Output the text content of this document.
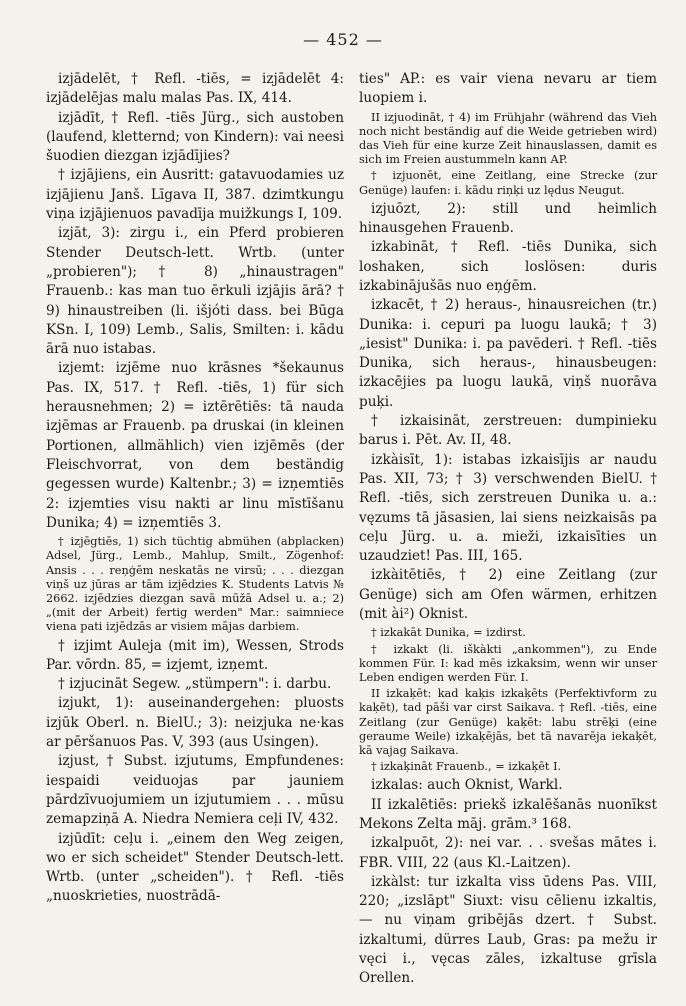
— 452 —

izjādelēt, † Refl. -tiēs, = izjādelēt 4: izjādelējas malu malas Pas. IX, 414.

izjādīt, † Refl. -tiēs Jürg., sich austoben (laufend, kletternd; von Kindern): vai neesi šuodien diezgan izjādījies?

† izjājiens, ein Ausritt: gatavuodamies uz izjājienu Janš. Līgava II, 387. dzimtkungu viņa izjājienuos pavadīja muižkungs I, 109.

izjāt, 3): zirgu i., ein Pferd probieren Stender Deutsch-lett. Wrtb. (unter „probieren"); † 8) „hinaustragen" Frauenb.: kas man tuo ērkuli izjājis ārā? † 9) hinaustreiben (li. išjóti dass. bei Būga KSn. I, 109) Lemb., Salis, Smilten: i. kādu ārā nuo istabas.

izjemt: izjēme nuo krāsnes *šekaunus Pas. IX, 517. † Refl. -tiēs, 1) für sich herausnehmen; 2) = iztērētiēs: tā nauda izjēmas ar Frauenb. pa druskai (in kleinen Portionen, allmählich) vien izjēmēs (der Fleischvorrat, von dem beständig gegessen wurde) Kaltenbr.; 3) = izņemtiēs 2: izjemties visu nakti ar linu mīstīšanu Dunika; 4) = izņemtiēs 3.

† izjēgtiēs, 1) sich tüchtig abmühen (abplacken) Adsel, Jürg., Lemb., Mahlup, Smilt., Zögenhof: Ansis . . . reņģēm neskatās ne virsū; . . . diezgan viņš uz jūras ar tām izjēdzies K. Students Latvis № 2662. izjēdzies diezgan savā mūžā Adsel u. a.; 2) „(mit der Arbeit) fertig werden" Mar.: saimniece viena pati izjēdzās ar visiem mājas darbiem.

† izjimt Auleja (mit im), Wessen, Strods Par. vōrdn. 85, = izjemt, izņemt.

† izjucināt Segew. „stümpern": i. darbu.

izjukt, 1): auseinandergehen: pluosts izjūk Oberl. n. BielU.; 3): neizjuka ne·kas ar pēršanuos Pas. V, 393 (aus Usingen).

izjust, † Subst. izjutums, Empfundenes: iespaidi veiduojas par jauniem pārdzīvuojumiem un izjutumiem . . . mūsu zemapziņā A. Niedra Nemiera ceļi IV, 432.

izjūdīt: ceļu i. „einem den Weg zeigen, wo er sich scheidet" Stender Deutsch-lett. Wrtb. (unter „scheiden"). † Refl. -tiēs „nuoskrieties, nuostrādā-

ties" AP.: es vair viena nevaru ar tiem luopiem i.

II izjuodināt, † 4) im Frühjahr (während das Vieh noch nicht beständig auf die Weide getrieben wird) das Vieh für eine kurze Zeit hinauslassen, damit es sich im Freien austummeln kann AP.

† izjuonēt, eine Zeitlang, eine Strecke (zur Genüge) laufen: i. kādu riņķi uz lędus Neugut.

izjuōzt, 2): still und heimlich hinausgehen Frauenb.

izkabināt, † Refl. -tiēs Dunika, sich loshaken, sich loslösen: duris izkabinājušās nuo eņģēm.

izkacēt, † 2) heraus-, hinausreichen (tr.) Dunika: i. cepuri pa luogu laukā; † 3) „iesist" Dunika: i. pa pavēderi. † Refl. -tiēs Dunika, sich heraus-, hinausbeugen: izkacējies pa luogu laukā, viņš nuorāva puķi.

† izkaisināt, zerstreuen: dumpinieku barus i. Pēt. Av. II, 48.

izkàisīt, 1): istabas izkaisījis ar naudu Pas. XII, 73; † 3) verschwenden BielU. † Refl. -tiēs, sich zerstreuen Dunika u. a.: vęzums tā jāsasien, lai siens neizkaisās pa ceļu Jürg. u. a. mieži, izkaisīties un uzaudziet! Pas. III, 165.

izkàitētiēs, † 2) eine Zeitlang (zur Genüge) sich am Ofen wärmen, erhitzen (mit ài²) Oknist.

† izkakāt Dunika, = izdirst.

† izkakt (li. iškàkti „ankommen"), zu Ende kommen Für. I: kad mēs izkaksim, wenn wir unser Leben endigen werden Für. I.

II izkaķēt: kad kaķis izkaķēts (Perfektivform zu kaķēt), tad pāši var cirst Saikava. † Refl. -tiēs, eine Zeitlang (zur Genüge) kaķēt: labu strēķi (eine geraume Weile) izkaķējās, bet tā navarēja iekaķēt, kā vajag Saikava.

† izkaķināt Frauenb., = izkaķēt I.

izkalas: auch Oknist, Warkl.

II izkalētiēs: priekš izkalēšanās nuonīkst Mekons Zelta māj. grām.³ 168.

izkalpuōt, 2): nei var. . . svešas mātes i. FBR. VIII, 22 (aus Kl.-Laitzen).

izkàlst: tur izkalta viss ūdens Pas. VIII, 220; „izslāpt" Siuxt: visu cēlienu izkaltis, — nu viņam gribējās dzert. † Subst. izkaltumi, dürres Laub, Gras: pa mežu ir vęci i., vęcas zāles, izkaltuse grīsla Orellen.
